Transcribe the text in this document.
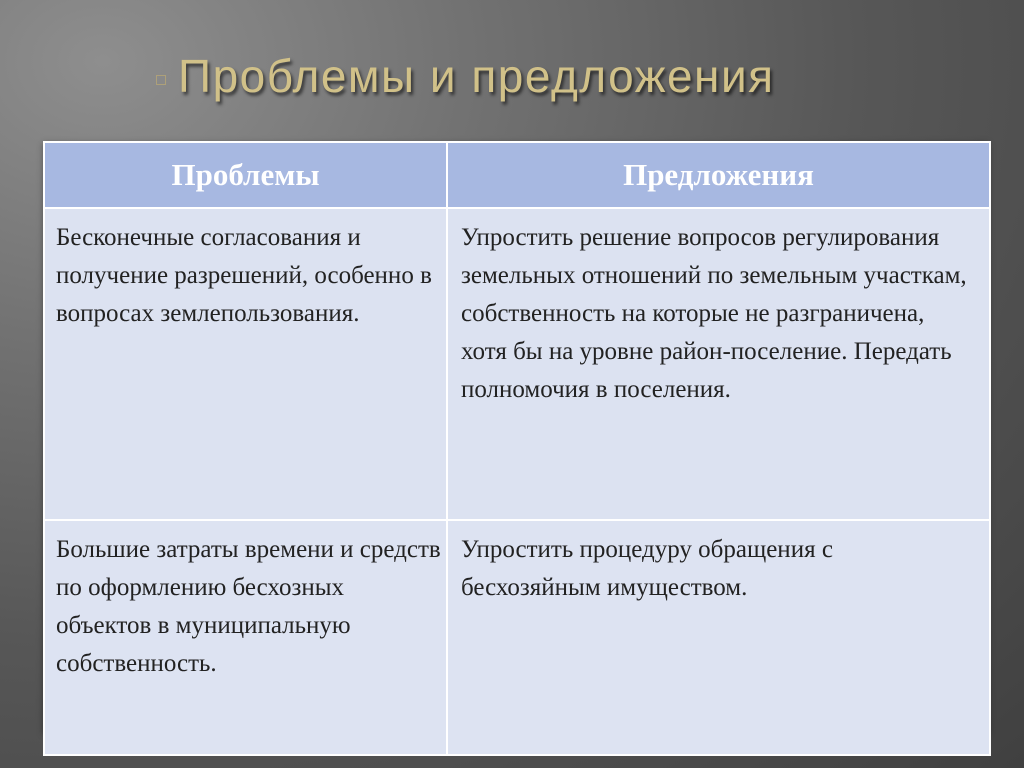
Проблемы и предложения
Проблемы	Предложения
Бесконечные согласования и получение разрешений, особенно в вопросах землепользования.	Упростить решение вопросов регулирования земельных отношений по земельным участкам, собственность на которые не разграничена, хотя бы на уровне район-поселение. Передать полномочия в поселения.
Большие затраты времени и средств по оформлению бесхозных объектов в муниципальную собственность.	Упростить процедуру обращения с бесхозяйным имуществом.
